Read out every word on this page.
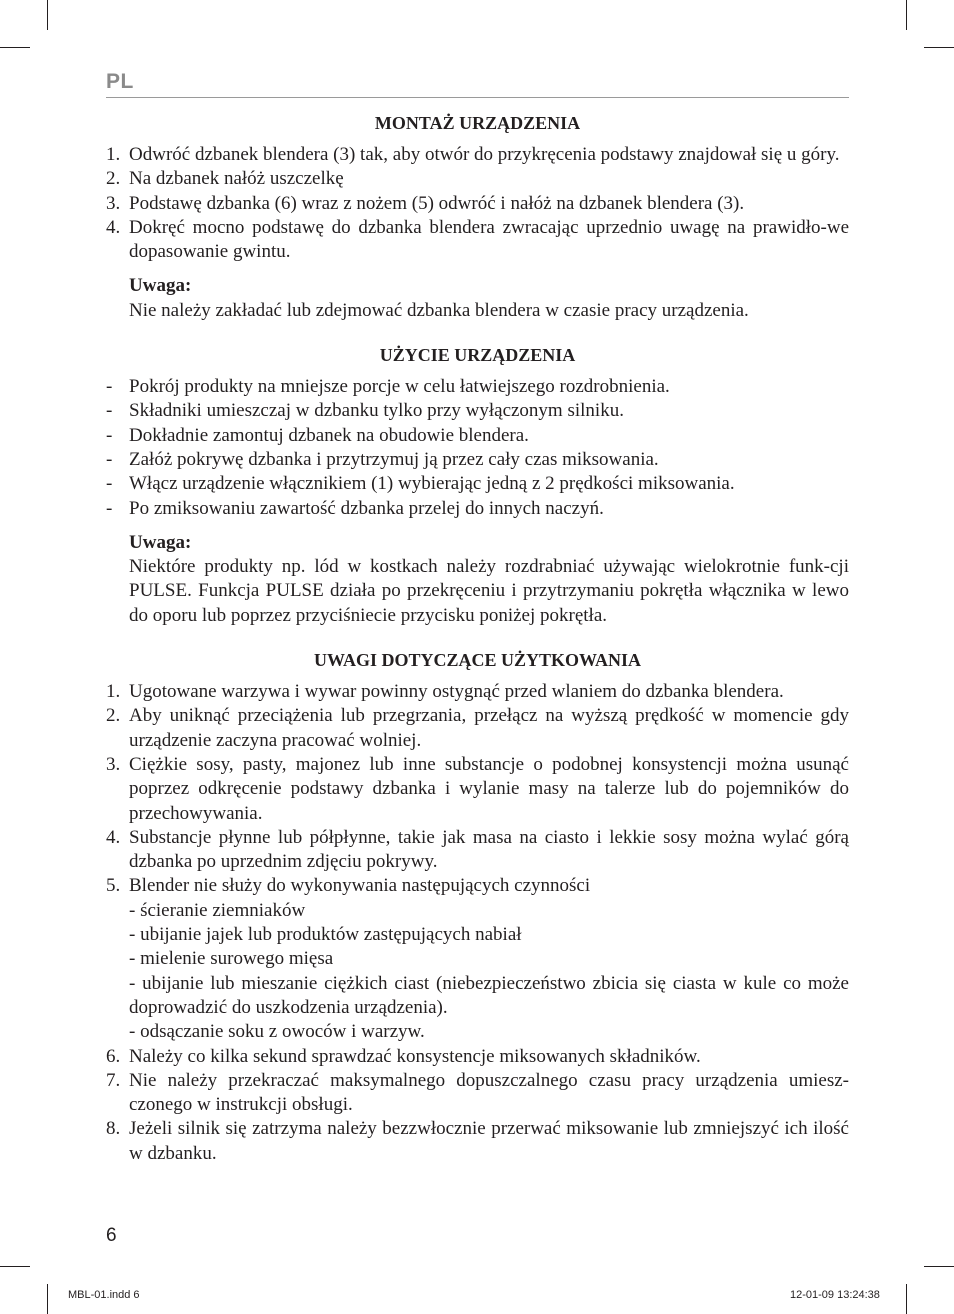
PL
MONTAŻ URZĄDZENIA
1. Odwróć dzbanek blendera (3) tak, aby otwór do przykręcenia podstawy znajdował się u góry.
2. Na dzbanek nałóż uszczelkę
3. Podstawę dzbanka (6) wraz z nożem (5) odwróć i nałóż na dzbanek blendera (3).
4. Dokręć mocno podstawę do dzbanka blendera zwracając uprzednio uwagę na prawidło-we dopasowanie gwintu.
Uwaga:
Nie należy zakładać lub zdejmować dzbanka blendera w czasie pracy urządzenia.
UŻYCIE URZĄDZENIA
- Pokrój produkty na mniejsze porcje w celu łatwiejszego rozdrobnienia.
- Składniki umieszczaj w dzbanku tylko przy wyłączonym silniku.
- Dokładnie zamontuj dzbanek na obudowie blendera.
- Załóż pokrywę dzbanka i przytrzymuj ją przez cały czas miksowania.
- Włącz urządzenie włącznikiem (1) wybierając jedną z 2 prędkości miksowania.
- Po zmiksowaniu zawartość dzbanka przelej do innych naczyń.
Uwaga:
Niektóre produkty np. lód w kostkach należy rozdrabniać używając wielokrotnie funk-cji PULSE. Funkcja PULSE działa po przekręceniu i przytrzymaniu pokrętła włącznika w lewo do oporu lub poprzez przyciśniecie przycisku poniżej pokrętła.
UWAGI DOTYCZĄCE UŻYTKOWANIA
1. Ugotowane warzywa i wywar powinny ostygnąć przed wlaniem do dzbanka blendera.
2. Aby uniknąć przeciążenia lub przegrzania, przełącz na wyższą prędkość w momencie gdy urządzenie zaczyna pracować wolniej.
3. Ciężkie sosy, pasty, majonez lub inne substancje o podobnej konsystencji można usunąć poprzez odkręcenie podstawy dzbanka i wylanie masy na talerze lub do pojemników do przechowywania.
4. Substancje płynne lub półpłynne, takie jak masa na ciasto i lekkie sosy można wylać górą dzbanka po uprzednim zdjęciu pokrywy.
5. Blender nie służy do wykonywania następujących czynności
- ścieranie ziemniaków
- ubijanie jajek lub produktów zastępujących nabiał
- mielenie surowego mięsa
- ubijanie lub mieszanie ciężkich ciast (niebezpieczeństwo zbicia się ciasta w kule co może doprowadzić do uszkodzenia urządzenia).
- odsączanie soku z owoców i warzyw.
6. Należy co kilka sekund sprawdzać konsystencje miksowanych składników.
7. Nie należy przekraczać maksymalnego dopuszczalnego czasu pracy urządzenia umiesz-czonego w instrukcji obsługi.
8. Jeżeli silnik się zatrzyma należy bezzwłocznie przerwać miksowanie lub zmniejszyć ich ilość w dzbanku.
6
MBL-01.indd 6	12-01-09 13:24:38
